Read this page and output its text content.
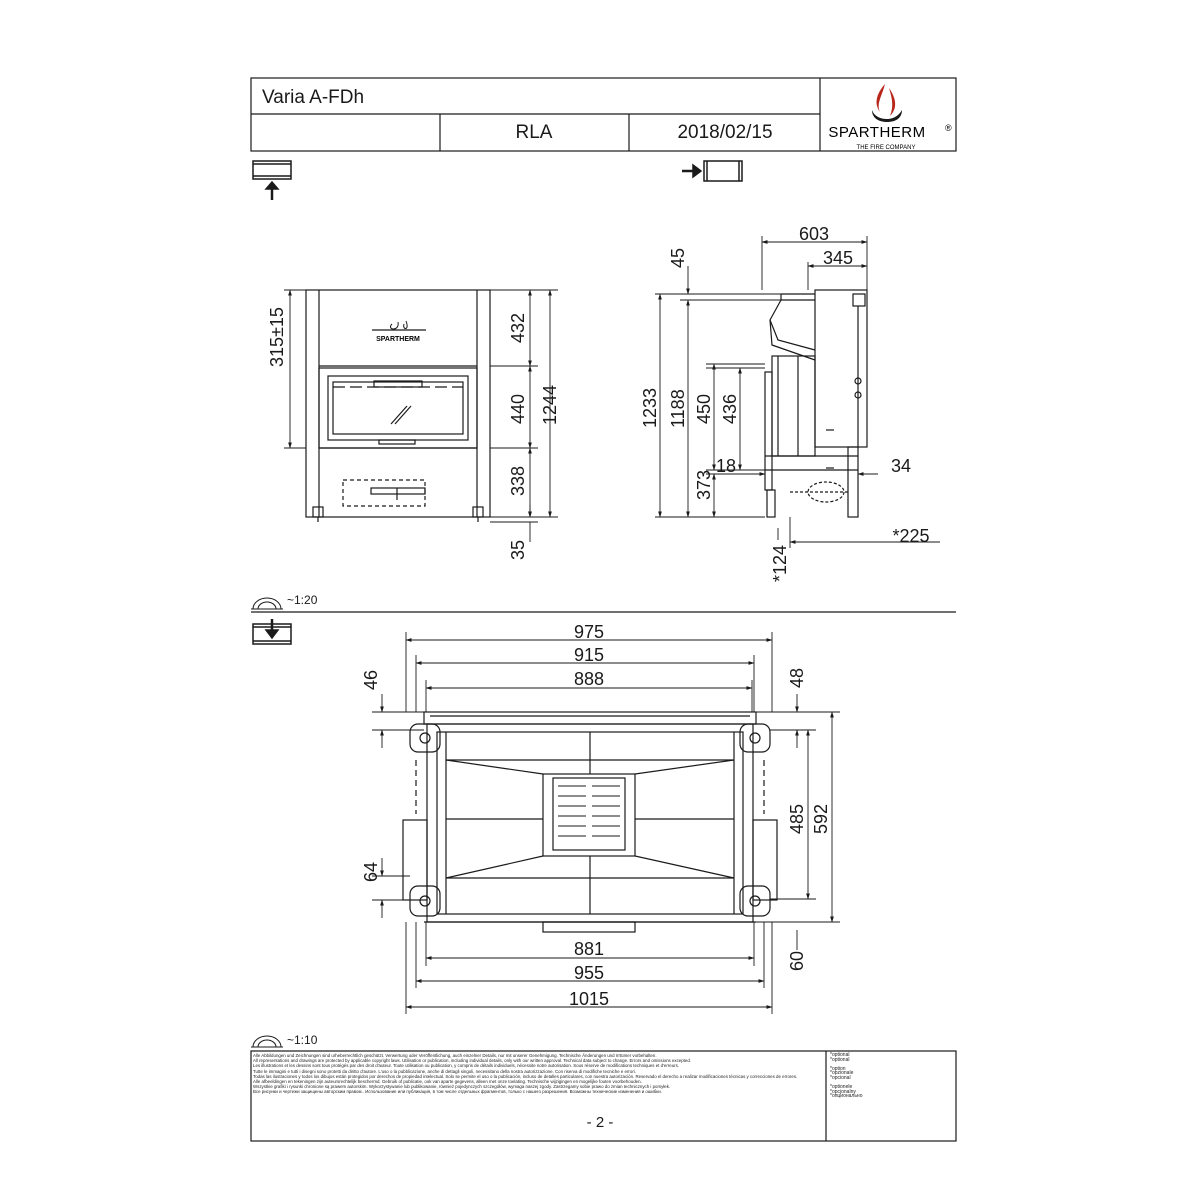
Varia A-FDh
RLA	2018/02/15	SPARTHERM ®
THE FIRE COMPANY
~1:20
~1:10
SPARTHERM
315±15	432
440 1244
338
35
603
345
45
1233 1188 450 436
18	34
373
*225
*124
975
915
888
46	48
485 592
64
881
60
955
1015
Alle Abbildungen und Zeichnungen sind urheberrechtlich geschützt. Verwertung oder Veröffentlichung, auch einzelner Details, nur mit unserer Genehmigung. Technische Änderungen und Irrtümer vorbehalten.
All representations and drawings are protected by applicable copyright laws. Utilisation or publication, including individual details, only with our written approval. Technical data subject to change. Errors and omissions excepted.
Les illustrations et les dessins sont tous protégés par des droit d'auteur. Toute utilisation ou publication, y compris de détails individuels, nécessite notre autorisation. Sous réserve de modifications techniques et d'erreurs.
Tutte le immagini e tutti i disegni sono protetti da diritto d'autore. L'uso o la pubblicazione, anche di dettagli singoli, necessitano della nostra autorizzazione. Con riserva di modifiche tecniche e errori.
Todas las ilustraciones y todos los dibujos están protegidos por derechos de propiedad intelectual. Solo se permite el uso o la publicación, incluso de detalles particulares, con nuestra autorización. Reservado el derecho a realizar modificaciones técnicas y correcciones de errores.
Alle afbeeldingen en tekeningen zijn auteursrechtelijk beschermd. Gebruik of publicatie, ook van aparte gegevens, alleen met onze toelating. Technische wijzigingen en mogelijke fouten voorbehouden.
Wszystkie grafiki i rysunki chronione są prawem autorskim. Wykorzystywanie lub publikowanie, również pojedynczych szczegółów, wymaga naszej zgody. Zastrzegamy sobie prawo do zmian technicznych i pomyłek.
Все рисунки и чертежи защищены авторским правом.. Использование или публикация, в том числе отдельных фрагментов, только с нашего разрешения. Возможны технические изменения и ошибки.
*optional
*optional

*option
*opzionale
*opcional

*optionele
*opcjonalny
*опционально
- 2 -
